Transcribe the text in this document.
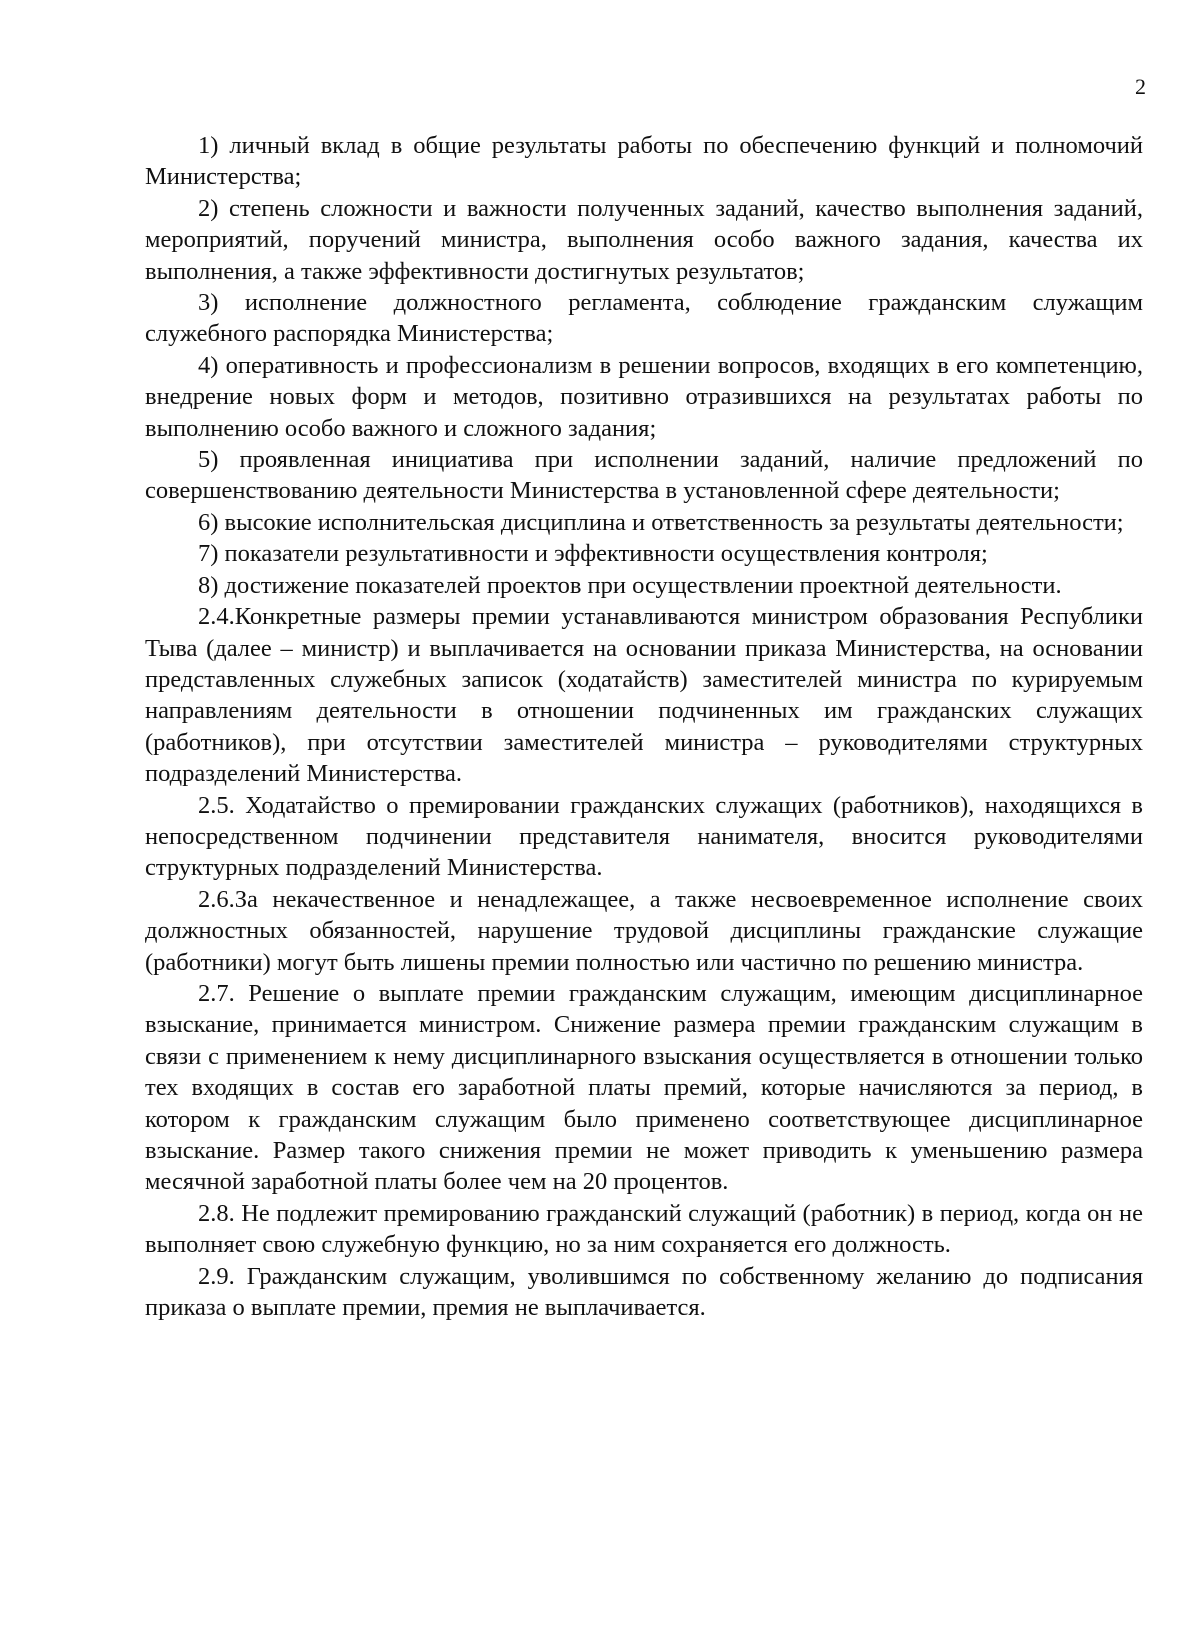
2

1) личный вклад в общие результаты работы по обеспечению функций и полномочий Министерства;

2) степень сложности и важности полученных заданий, качество выполнения заданий, мероприятий, поручений министра, выполнения особо важного задания, качества их выполнения, а также эффективности достигнутых результатов;

3) исполнение должностного регламента, соблюдение гражданским служащим служебного распорядка Министерства;

4) оперативность и профессионализм в решении вопросов, входящих в его компетенцию, внедрение новых форм и методов, позитивно отразившихся на результатах работы по выполнению особо важного и сложного задания;

5) проявленная инициатива при исполнении заданий, наличие предложений по совершенствованию деятельности Министерства в установленной сфере деятельности;

6) высокие исполнительская дисциплина и ответственность за результаты деятельности;

7) показатели результативности и эффективности осуществления контроля;

8) достижение показателей проектов при осуществлении проектной деятельности.

2.4.Конкретные размеры премии устанавливаются министром образования Республики Тыва (далее – министр) и выплачивается на основании приказа Министерства, на основании представленных служебных записок (ходатайств) заместителей министра по курируемым направлениям деятельности в отношении подчиненных им гражданских служащих (работников), при отсутствии заместителей министра – руководителями структурных подразделений Министерства.

2.5. Ходатайство о премировании гражданских служащих (работников), находящихся в непосредственном подчинении представителя нанимателя, вносится руководителями структурных подразделений Министерства.

2.6.За некачественное и ненадлежащее, а также несвоевременное исполнение своих должностных обязанностей, нарушение трудовой дисциплины гражданские служащие (работники) могут быть лишены премии полностью или частично по решению министра.

2.7. Решение о выплате премии гражданским служащим, имеющим дисциплинарное взыскание, принимается министром. Снижение размера премии гражданским служащим в связи с применением к нему дисциплинарного взыскания осуществляется в отношении только тех входящих в состав его заработной платы премий, которые начисляются за период, в котором к гражданским служащим было применено соответствующее дисциплинарное взыскание. Размер такого снижения премии не может приводить к уменьшению размера месячной заработной платы более чем на 20 процентов.

2.8. Не подлежит премированию гражданский служащий (работник) в период, когда он не выполняет свою служебную функцию, но за ним сохраняется его должность.

2.9. Гражданским служащим, уволившимся по собственному желанию до подписания приказа о выплате премии, премия не выплачивается.
